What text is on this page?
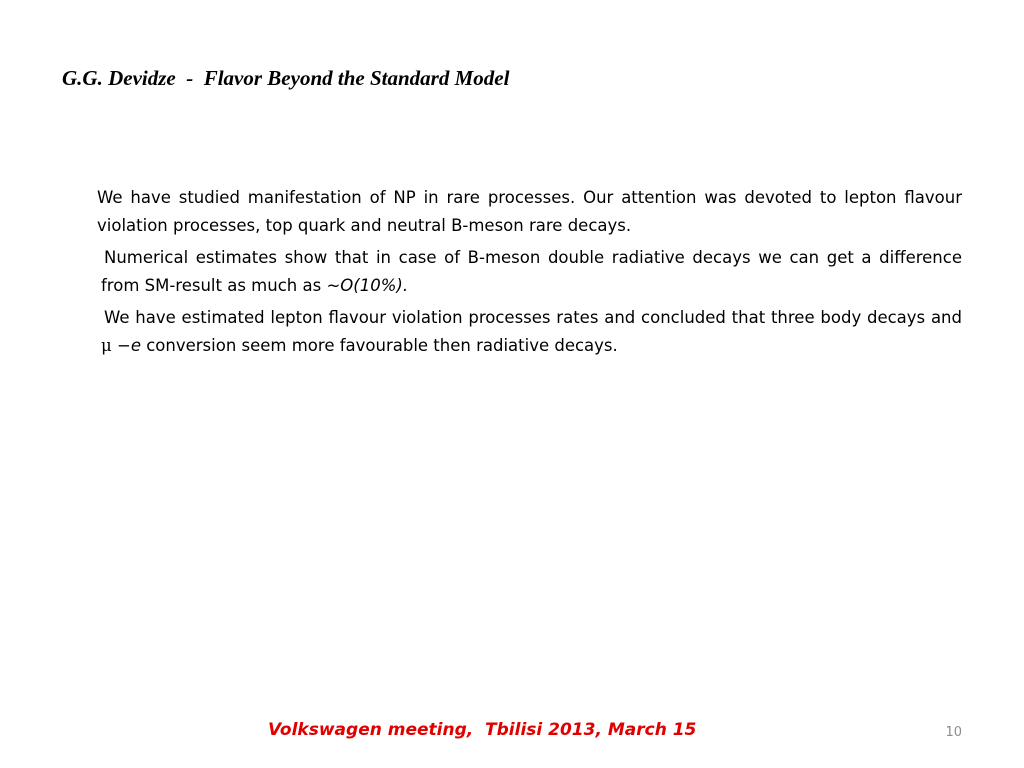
G.G. Devidze  -  Flavor Beyond the Standard Model

We have studied manifestation of NP in rare processes. Our attention was devoted to lepton flavour violation processes, top quark and neutral B-meson rare decays.

Numerical estimates show that in case of B-meson double radiative decays we can get a difference from SM-result as much as ~O(10%).

We have estimated lepton flavour violation processes rates and concluded that three body decays and μ −e conversion seem more favourable then radiative decays.

Volkswagen meeting,  Tbilisi 2013, March 15	10
